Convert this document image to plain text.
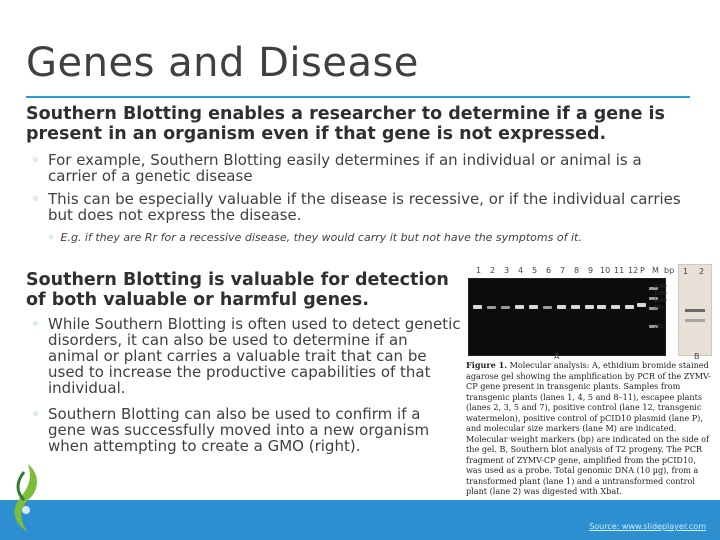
Genes and Disease
Southern Blotting enables a researcher to determine if a gene is present in an organism even if that gene is not expressed.
◦ For example, Southern Blotting easily determines if an individual or animal is a carrier of a genetic disease
◦ This can be especially valuable if the disease is recessive, or if the individual carries but does not express the disease.
◦ E.g. if they are Rr for a recessive disease, they would carry it but not have the symptoms of it.
Southern Blotting is valuable for detection of both valuable or harmful genes.
◦ While Southern Blotting is often used to detect genetic disorders, it can also be used to determine if an animal or plant carries a valuable trait that can be used to increase the productive capabilities of that individual.
◦ Southern Blotting can also be used to confirm if a gene was successfully moved into a new organism when attempting to create a GMO (right).
1 2 3 4 5 6 7 8 9 10 11 12 P M bp
2000
1500
1000
500
250
1 2
A	B
Figure 1. Molecular analysis: A, ethidium bromide stained agarose gel showing the amplification by PCR of the ZYMV-CP gene present in transgenic plants. Samples from transgenic plants (lanes 1, 4, 5 and 8–11), escapee plants (lanes 2, 3, 5 and 7), positive control (lane 12, transgenic watermelon), positive control of pCID10 plasmid (lane P), and molecular size markers (lane M) are indicated. Molecular weight markers (bp) are indicated on the side of the gel. B, Southern blot analysis of T2 progeny. The PCR fragment of ZYMV-CP gene, amplified from the pCID10, was used as a probe. Total genomic DNA (10 µg), from a transformed plant (lane 1) and a untransformed control plant (lane 2) was digested with XbaI.
Source: www.slideplayer.com
